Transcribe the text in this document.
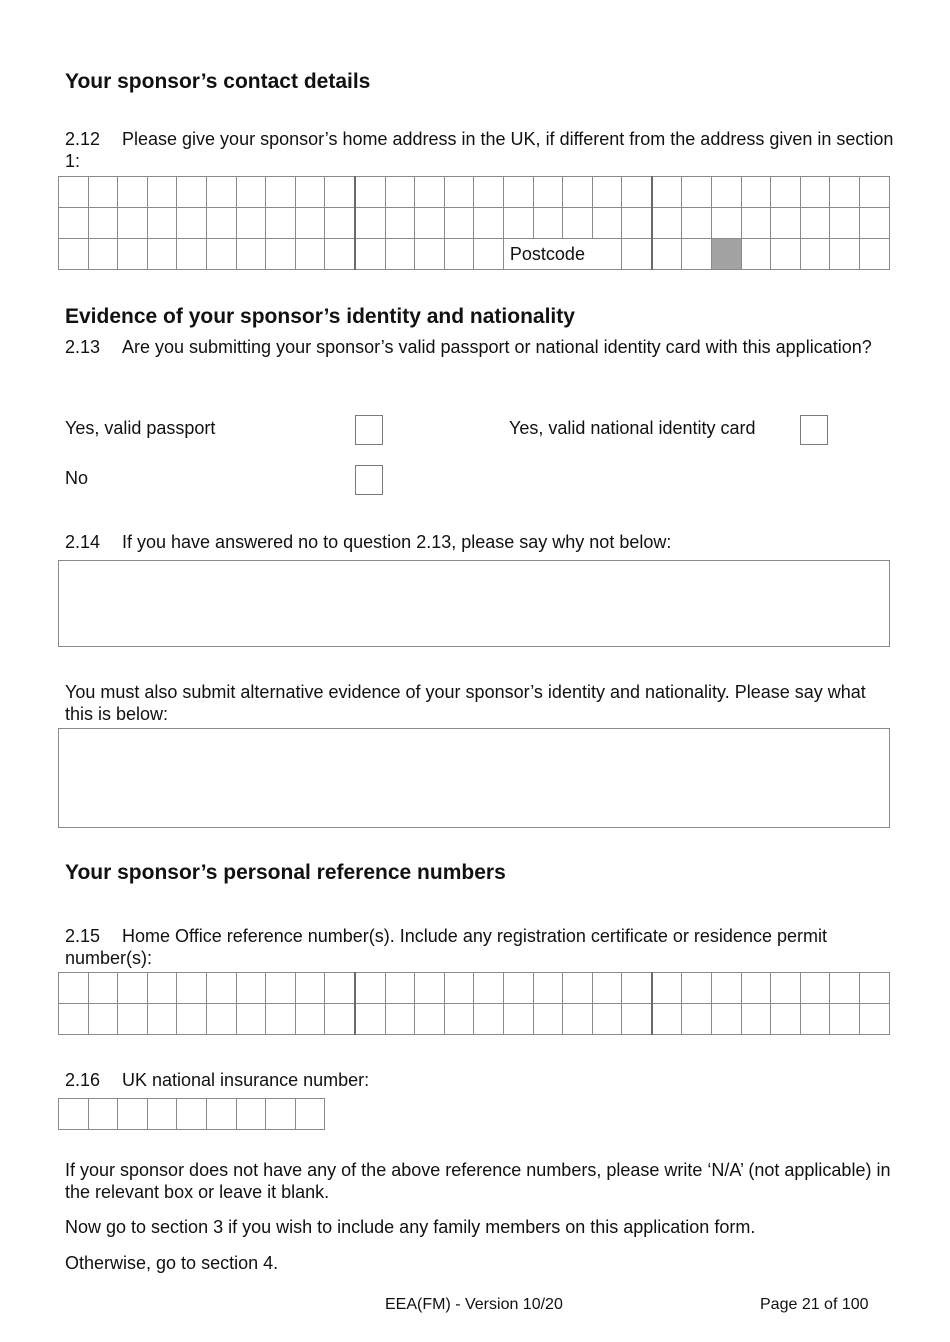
Your sponsor’s contact details
2.12 Please give your sponsor’s home address in the UK, if different from the address given in section 1:

															Postcode												
Evidence of your sponsor’s identity and nationality
2.13 Are you submitting your sponsor’s valid passport or national identity card with this application?
Yes, valid passport	Yes, valid national identity card
No
2.14 If you have answered no to question 2.13, please say why not below:
You must also submit alternative evidence of your sponsor’s identity and nationality. Please say what this is below:
Your sponsor’s personal reference numbers
2.15 Home Office reference number(s). Include any registration certificate or residence permit number(s):

2.16 UK national insurance number:

If your sponsor does not have any of the above reference numbers, please write ‘N/A’ (not applicable) in the relevant box or leave it blank.
Now go to section 3 if you wish to include any family members on this application form.
Otherwise, go to section 4.
EEA(FM) - Version 10/20	Page 21 of 100
